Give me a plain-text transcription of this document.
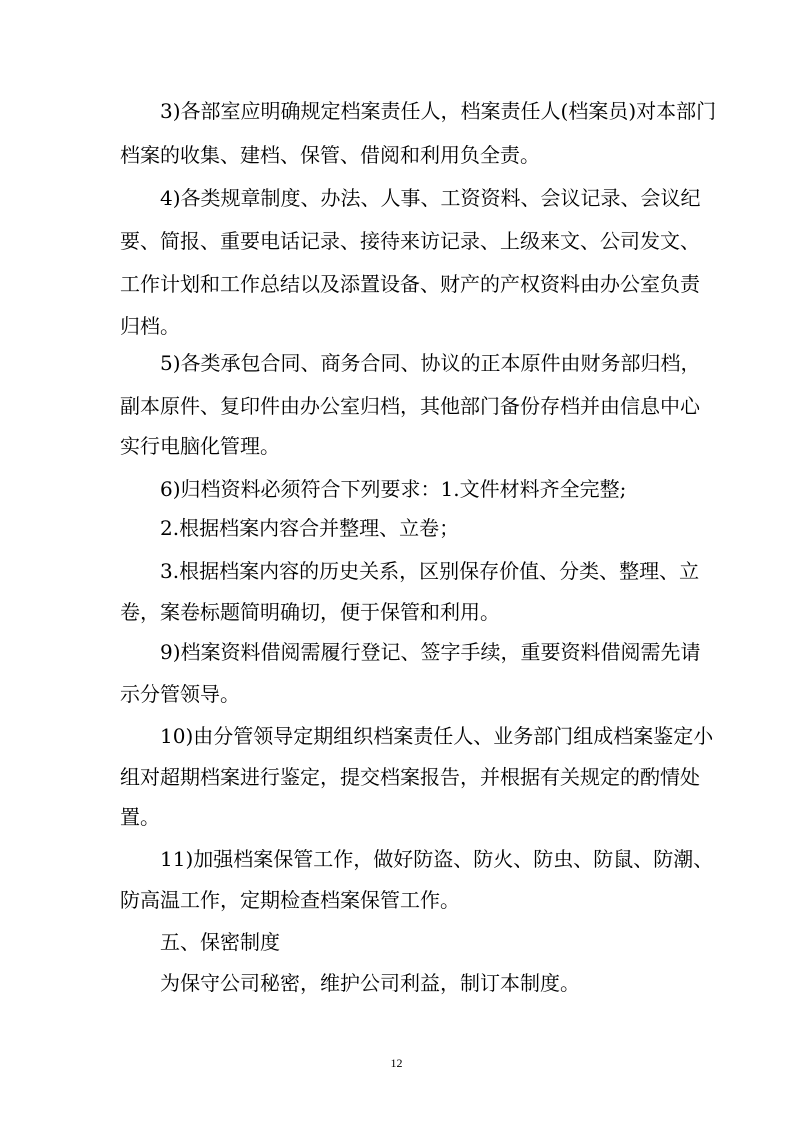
3)各部室应明确规定档案责任人，档案责任人(档案员)对本部门
档案的收集、建档、保管、借阅和利用负全责。
4)各类规章制度、办法、人事、工资资料、会议记录、会议纪
要、简报、重要电话记录、接待来访记录、上级来文、公司发文、
工作计划和工作总结以及添置设备、财产的产权资料由办公室负责
归档。
5)各类承包合同、商务合同、协议的正本原件由财务部归档，
副本原件、复印件由办公室归档，其他部门备份存档并由信息中心
实行电脑化管理。
6)归档资料必须符合下列要求：1.文件材料齐全完整;
2.根据档案内容合并整理、立卷；
3.根据档案内容的历史关系，区别保存价值、分类、整理、立
卷，案卷标题简明确切，便于保管和利用。
9)档案资料借阅需履行登记、签字手续，重要资料借阅需先请
示分管领导。
10)由分管领导定期组织档案责任人、业务部门组成档案鉴定小
组对超期档案进行鉴定，提交档案报告，并根据有关规定的酌情处
置。
11)加强档案保管工作，做好防盗、防火、防虫、防鼠、防潮、
防高温工作，定期检查档案保管工作。
五、保密制度
为保守公司秘密，维护公司利益，制订本制度。
12
